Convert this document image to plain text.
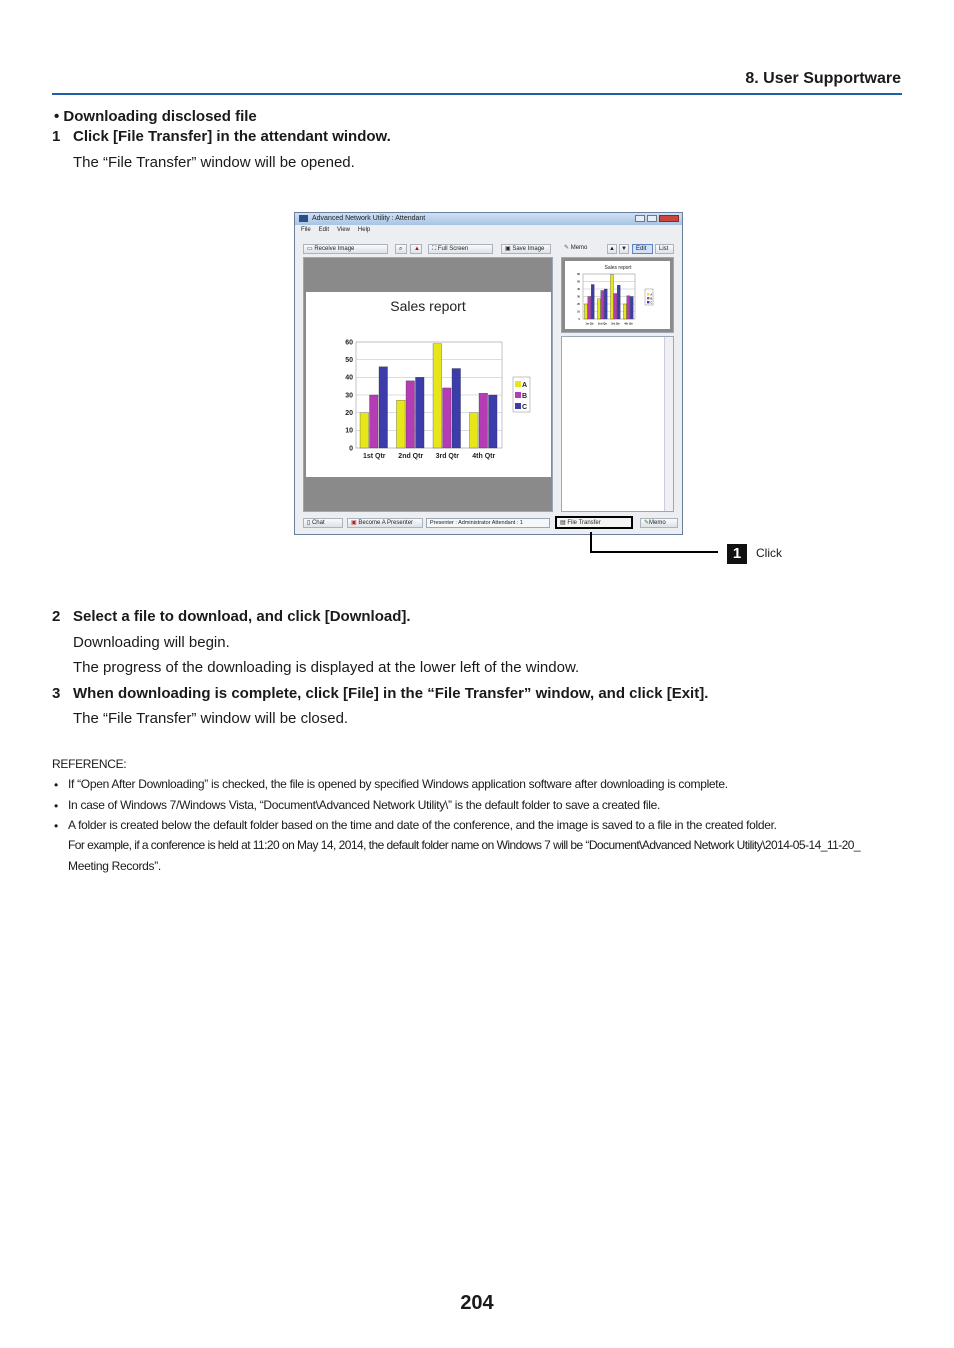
8. User Supportware
• Downloading disclosed file
1 Click [File Transfer] in the attendant window.
The “File Transfer” window will be opened.
Advanced Network Utility : Attendant
File Edit View Help
▭ Receive Image	⌕	▲	⛶ Full Screen	▣ Save Image	✎ Memo	▲	▼	Edit	List
Sales report
0
10
20
30
40
50
60
1st Qtr 2nd Qtr 3rd Qtr 4th Qtr
A
B
C
Sales report
0
10
20
30
40
50
60
1st Qtr 2nd Qtr 3rd Qtr 4th Qtr
A
B
C
▯ Chat	▣ Become A Presenter	Presenter : Administrator Attendant : 1	▤ File Transfer	✎Memo
1	Click
2 Select a file to download, and click [Download].
Downloading will begin.
The progress of the downloading is displayed at the lower left of the window.
3 When downloading is complete, click [File] in the “File Transfer” window, and click [Exit].
The “File Transfer” window will be closed.
REFERENCE:
• If “Open After Downloading” is checked, the file is opened by specified Windows application software after downloading is complete.
• In case of Windows 7/Windows Vista, “Document\Advanced Network Utility\” is the default folder to save a created file.
• A folder is created below the default folder based on the time and date of the conference, and the image is saved to a file in the created folder.
For example, if a conference is held at 11:20 on May 14, 2014, the default folder name on Windows 7 will be “Document\Advanced Network Utility\2014-05-14_11-20_
Meeting Records”.
204
